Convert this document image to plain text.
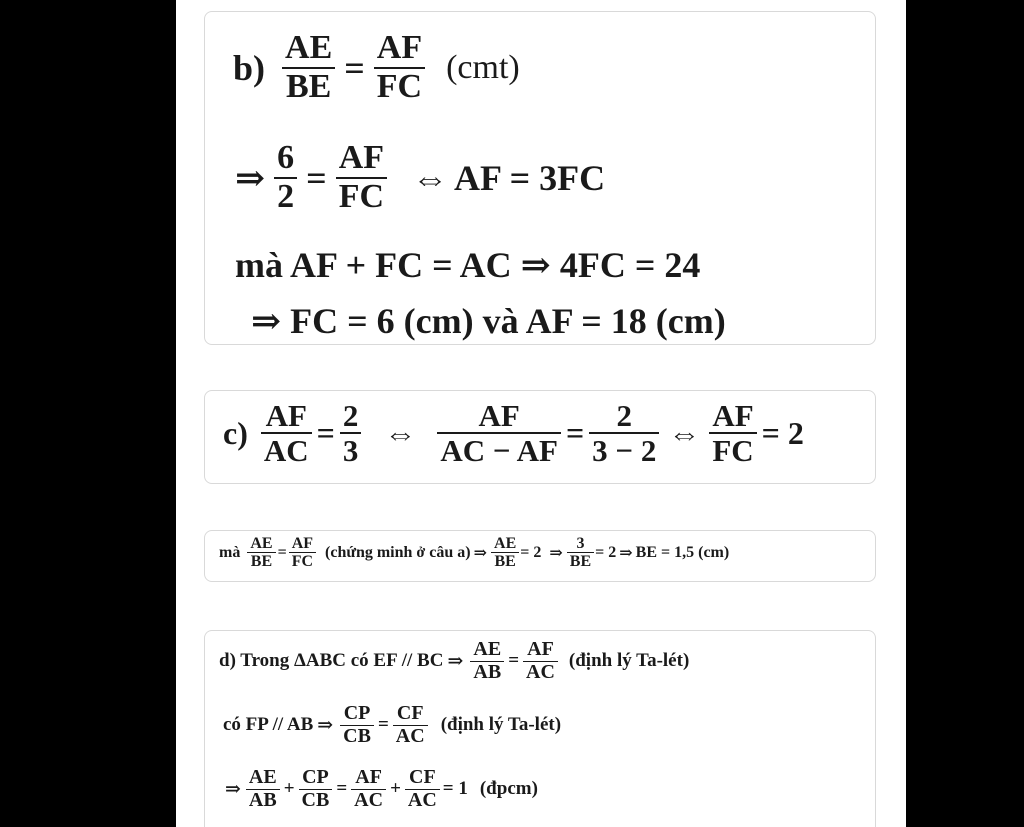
$b) \frac{AE}{BE} = \frac{AF}{FC} (cmt)$
⇒ $\frac{6}{2} = \frac{AF}{FC}$ ⇔ AF = 3FC
mà AF + FC = AC ⇒ 4FC = 24
⇒ FC = 6 (cm) và AF = 18 (cm)
$c) \frac{AF}{AC} = \frac{2}{3}$ ⇔ $\frac{AF}{AC - AF} = \frac{2}{3 - 2}$ ⇔ $\frac{AF}{FC} = 2$
mà $\frac{AE}{BE} = \frac{AF}{FC}$ (chứng minh ở câu a) ⇒ $\frac{AE}{BE} = 2$ ⇒ $\frac{3}{BE} = 2$ ⇒ BE = 1,5 (cm)
d) Trong ΔABC có EF // BC ⇒ $\frac{AE}{AB} = \frac{AF}{AC}$ (định lý Ta-lét)
có FP // AB ⇒ $\frac{CP}{CB} = \frac{CF}{AC}$ (định lý Ta-lét)
⇒ $\frac{AE}{AB} + \frac{CP}{CB} = \frac{AF}{AC} + \frac{CF}{AC} = 1$ (đpcm)
